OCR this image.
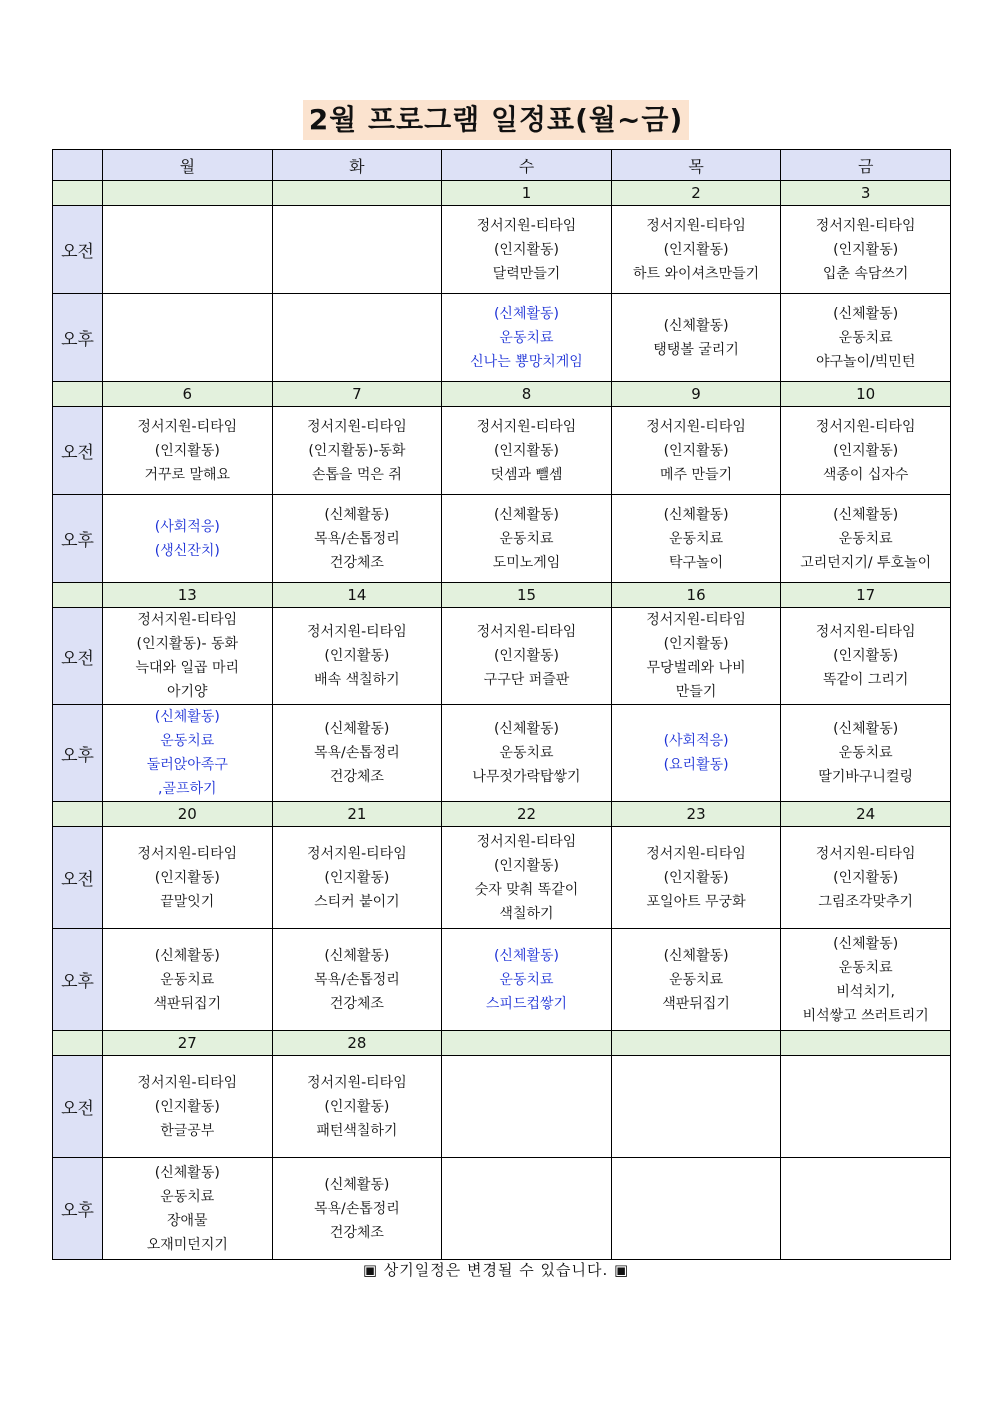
2월 프로그램 일정표(월~금)
	월	화	수	목	금
			1	2	3
오전			정서지원-티타임
(인지활동)
달력만들기	정서지원-티타임
(인지활동)
하트 와이셔츠만들기	정서지원-티타임
(인지활동)
입춘 속담쓰기

오후			(신체활동)
운동치료
신나는 뿅망치게임	(신체활동)
탱탱볼 굴리기	(신체활동)
운동치료
야구놀이/빅민턴

	6	7	8	9	10
오전	정서지원-티타임
(인지활동)
거꾸로 말해요	정서지원-티타임
(인지활동)-동화
손톱을 먹은 쥐	정서지원-티타임
(인지활동)
덧셈과 뺄셈	정서지원-티타임
(인지활동)
메주 만들기	정서지원-티타임
(인지활동)
색종이 십자수

오후	(사회적응)
(생신잔치)	(신체활동)
목욕/손톱정리
건강체조	(신체활동)
운동치료
도미노게임	(신체활동)
운동치료
탁구놀이	(신체활동)
운동치료
고리던지기/ 투호놀이

	13	14	15	16	17
오전	정서지원-티타임
(인지활동)- 동화
늑대와 일곱 마리
아기양	정서지원-티타임
(인지활동)
배속 색칠하기	정서지원-티타임
(인지활동)
구구단 퍼즐판	정서지원-티타임
(인지활동)
무당벌레와 나비
만들기	정서지원-티타임
(인지활동)
똑같이 그리기

오후	(신체활동)
운동치료
둘러앉아족구
,골프하기	(신체활동)
목욕/손톱정리
건강체조	(신체활동)
운동치료
나무젓가락탑쌓기	(사회적응)
(요리활동)	(신체활동)
운동치료
딸기바구니컬링

	20	21	22	23	24
오전	정서지원-티타임
(인지활동)
끝말잇기	정서지원-티타임
(인지활동)
스티커 붙이기	정서지원-티타임
(인지활동)
숫자 맞춰 똑같이
색칠하기	정서지원-티타임
(인지활동)
포일아트 무궁화	정서지원-티타임
(인지활동)
그림조각맞추기

오후	(신체활동)
운동치료
색판뒤집기	(신체활동)
목욕/손톱정리
건강체조	(신체활동)
운동치료
스피드컵쌓기	(신체활동)
운동치료
색판뒤집기	(신체활동)
운동치료
비석치기,
비석쌓고 쓰러트리기

	27	28			
오전	정서지원-티타임
(인지활동)
한글공부	정서지원-티타임
(인지활동)
패턴색칠하기			

오후	(신체활동)
운동치료
장애물
오재미던지기	(신체활동)
목욕/손톱정리
건강체조			

▣ 상기일정은 변경될 수 있습니다. ▣
